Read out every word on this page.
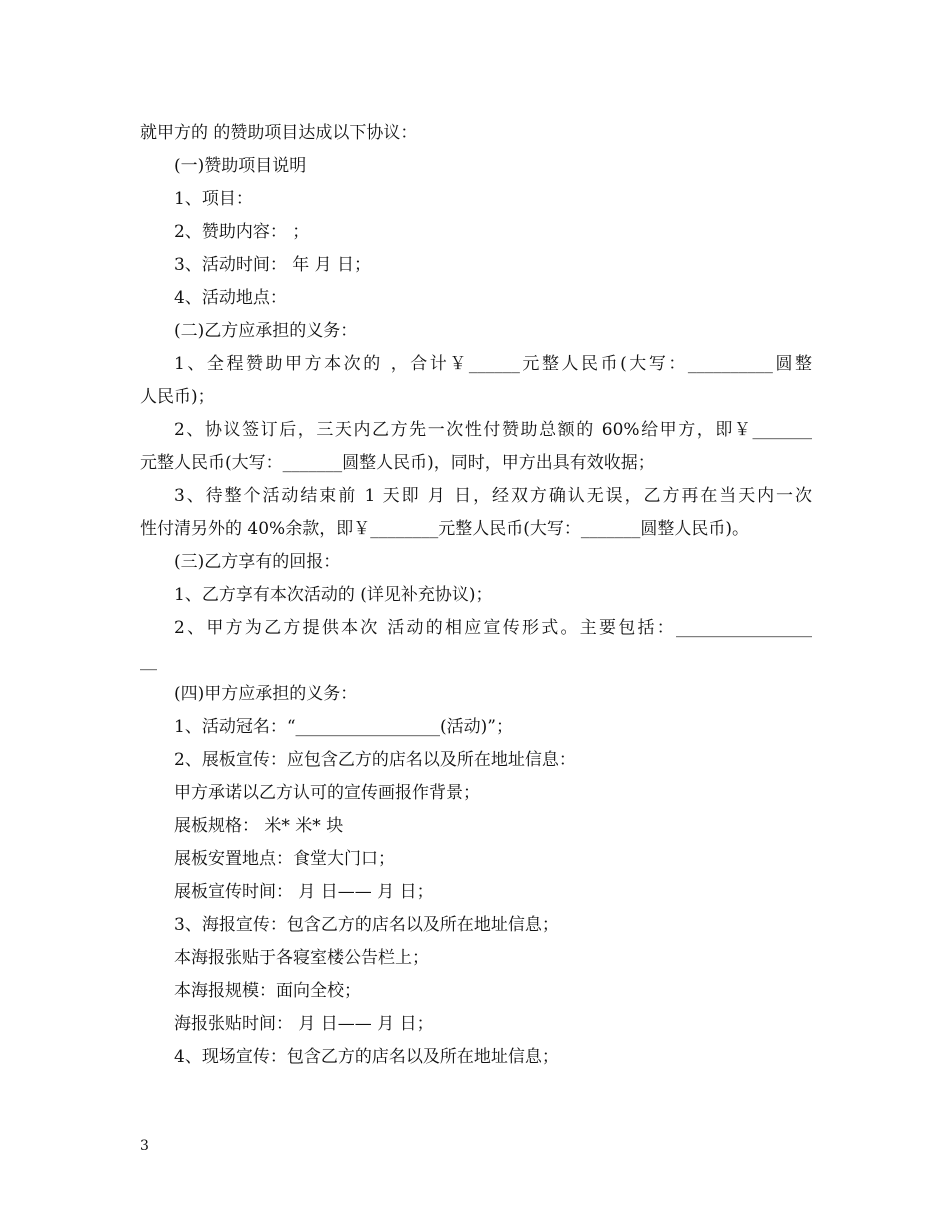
就甲方的 的赞助项目达成以下协议：
(一)赞助项目说明
1、项目：
2、赞助内容： ；
3、活动时间： 年 月 日；
4、活动地点：
(二)乙方应承担的义务：
1、全程赞助甲方本次的 ，合计￥______元整人民币(大写：__________圆整
人民币)；
2、协议签订后，三天内乙方先一次性付赞助总额的 60%给甲方，即￥_______
元整人民币(大写：_______圆整人民币)，同时，甲方出具有效收据；
3、待整个活动结束前 1 天即 月 日，经双方确认无误，乙方再在当天内一次
性付清另外的 40%余款，即￥________元整人民币(大写：_______圆整人民币)。
(三)乙方享有的回报：
1、乙方享有本次活动的 (详见补充协议)；
2、甲方为乙方提供本次 活动的相应宣传形式。主要包括：________________
__
(四)甲方应承担的义务：
1、活动冠名：“_________________(活动)”；
2、展板宣传：应包含乙方的店名以及所在地址信息：
甲方承诺以乙方认可的宣传画报作背景；
展板规格： 米* 米* 块
展板安置地点：食堂大门口；
展板宣传时间： 月 日—— 月 日；
3、海报宣传：包含乙方的店名以及所在地址信息；
本海报张贴于各寝室楼公告栏上；
本海报规模：面向全校；
海报张贴时间： 月 日—— 月 日；
4、现场宣传：包含乙方的店名以及所在地址信息；
3
